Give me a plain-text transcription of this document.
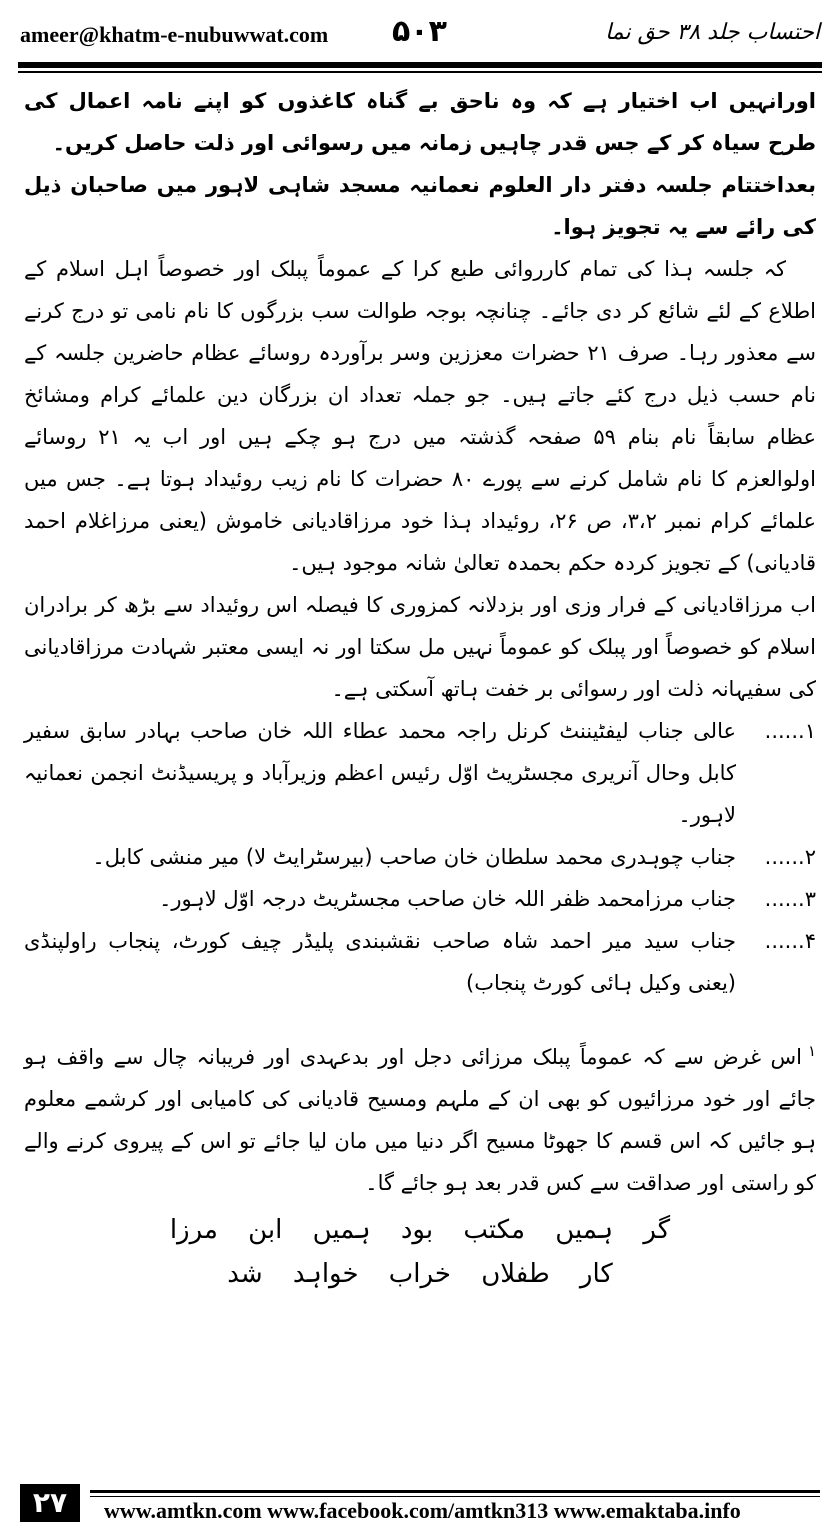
ameer@khatm-e-nubuwwat.com ۵۰۳	احتساب جلد ۳۸ حق نما

اورانہیں اب اختیار ہے کہ وہ ناحق بے گناہ کاغذوں کو اپنے نامہ اعمال کی طرح سیاہ کر کے جس قدر چاہیں زمانہ میں رسوائی اور ذلت حاصل کریں۔

بعداختتام جلسہ دفتر دار العلوم نعمانیہ مسجد شاہی لاہور میں صاحبان ذیل کی رائے سے یہ تجویز ہوا۔

کہ جلسہ ہذا کی تمام کارروائی طبع کرا کے عموماً پبلک اور خصوصاً اہل اسلام کے اطلاع کے لئے شائع کر دی جائے۔ چنانچہ بوجہ طوالت سب بزرگوں کا نام نامی تو درج کرنے سے معذور رہا۔ صرف ۲۱ حضرات معززین وسر برآوردہ روسائے عظام حاضرین جلسہ کے نام حسب ذیل درج کئے جاتے ہیں۔ جو جملہ تعداد ان بزرگان دین علمائے کرام ومشائخ عظام سابقاً نام بنام ۵۹ صفحہ گذشتہ میں درج ہو چکے ہیں اور اب یہ ۲۱ روسائے اولوالعزم کا نام شامل کرنے سے پورے ۸۰ حضرات کا نام زیب روئیداد ہوتا ہے۔ جس میں علمائے کرام نمبر ۳،۲، ص ۲۶، روئیداد ہذا خود مرزاقادیانی خاموش (یعنی مرزاغلام احمد قادیانی) کے تجویز کردہ حکم بحمدہ تعالیٰ شانہ موجود ہیں۔

اب مرزاقادیانی کے فرار وزی اور بزدلانہ کمزوری کا فیصلہ اس روئیداد سے بڑھ کر برادران اسلام کو خصوصاً اور پبلک کو عموماً نہیں مل سکتا اور نہ ایسی معتبر شہادت مرزاقادیانی کی سفیہانہ ذلت اور رسوائی بر خفت ہاتھ آسکتی ہے۔

۱......
عالی جناب لیفٹیننٹ کرنل راجہ محمد عطاء اللہ خان صاحب بہادر سابق سفیر کابل وحال آنریری مجسٹریٹ اوّل رئیس اعظم وزیرآباد و پریسیڈنٹ انجمن نعمانیہ لاہور۔
۲......
جناب چوہدری محمد سلطان خان صاحب (بیرسٹرایٹ لا) میر منشی کابل۔
۳......
جناب مرزامحمد ظفر اللہ خان صاحب مجسٹریٹ درجہ اوّل لاہور۔
۴......
جناب سید میر احمد شاہ صاحب نقشبندی پلیڈر چیف کورٹ، پنجاب راولپنڈی (یعنی وکیل ہائی کورٹ پنجاب)

$^۱$اس غرض سے کہ عموماً پبلک مرزائی دجل اور بدعہدی اور فریبانہ چال سے واقف ہو جائے اور خود مرزائیوں کو بھی ان کے ملہم ومسیح قادیانی کی کامیابی اور کرشمے معلوم ہو جائیں کہ اس قسم کا جھوٹا مسیح اگر دنیا میں مان لیا جائے تو اس کے پیروی کرنے والے کو راستی اور صداقت سے کس قدر بعد ہو جائے گا۔

گر ہمیں مکتب بود ہمیں ابن مرزا
کار طفلاں خراب خواہد شد
۲۷	www.amtkn.com www.facebook.com/amtkn313 www.emaktaba.info
